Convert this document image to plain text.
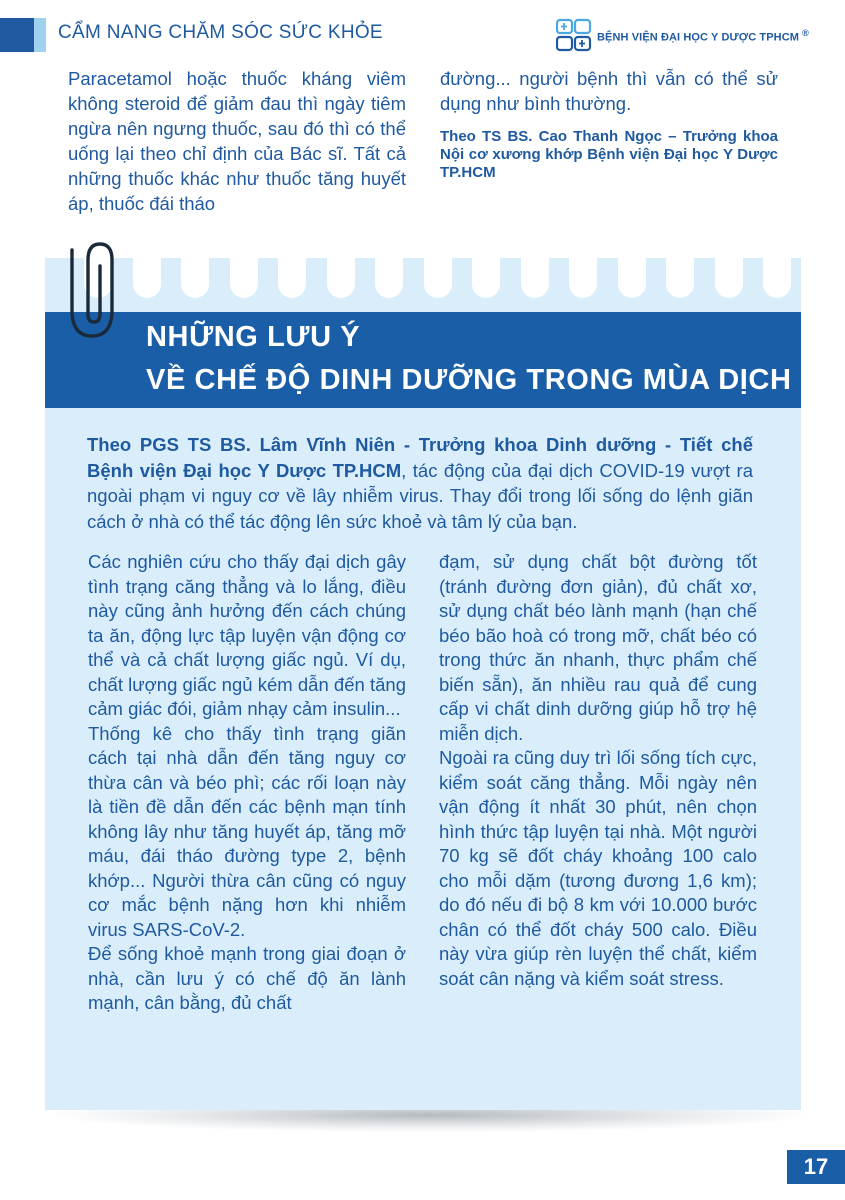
CẨM NANG CHĂM SÓC SỨC KHỎE	BỆNH VIỆN ĐẠI HỌC Y DƯỢC TPHCM ®
Paracetamol hoặc thuốc kháng viêm không steroid để giảm đau thì ngày tiêm ngừa nên ngưng thuốc, sau đó thì có thể uống lại theo chỉ định của Bác sĩ. Tất cả những thuốc khác như thuốc tăng huyết áp, thuốc đái tháo
đường... người bệnh thì vẫn có thể sử dụng như bình thường.
Theo TS BS. Cao Thanh Ngọc – Trưởng khoa Nội cơ xương khớp Bệnh viện Đại học Y Dược TP.HCM
NHỮNG LƯU Ý
VỀ CHẾ ĐỘ DINH DƯỠNG TRONG MÙA DỊCH
Theo PGS TS BS. Lâm Vĩnh Niên - Trưởng khoa Dinh dưỡng - Tiết chế Bệnh viện Đại học Y Dược TP.HCM, tác động của đại dịch COVID-19 vượt ra ngoài phạm vi nguy cơ về lây nhiễm virus. Thay đổi trong lối sống do lệnh giãn cách ở nhà có thể tác động lên sức khoẻ và tâm lý của bạn.

Các nghiên cứu cho thấy đại dịch gây tình trạng căng thẳng và lo lắng, điều này cũng ảnh hưởng đến cách chúng ta ăn, động lực tập luyện vận động cơ thể và cả chất lượng giấc ngủ. Ví dụ, chất lượng giấc ngủ kém dẫn đến tăng cảm giác đói, giảm nhạy cảm insulin...

Thống kê cho thấy tình trạng giãn cách tại nhà dẫn đến tăng nguy cơ thừa cân và béo phì; các rối loạn này là tiền đề dẫn đến các bệnh mạn tính không lây như tăng huyết áp, tăng mỡ máu, đái tháo đường type 2, bệnh khớp... Người thừa cân cũng có nguy cơ mắc bệnh nặng hơn khi nhiễm virus SARS-CoV-2.

Để sống khoẻ mạnh trong giai đoạn ở nhà, cần lưu ý có chế độ ăn lành mạnh, cân bằng, đủ chất

đạm, sử dụng chất bột đường tốt (tránh đường đơn giản), đủ chất xơ, sử dụng chất béo lành mạnh (hạn chế béo bão hoà có trong mỡ, chất béo có trong thức ăn nhanh, thực phẩm chế biến sẵn), ăn nhiều rau quả để cung cấp vi chất dinh dưỡng giúp hỗ trợ hệ miễn dịch.

Ngoài ra cũng duy trì lối sống tích cực, kiểm soát căng thẳng. Mỗi ngày nên vận động ít nhất 30 phút, nên chọn hình thức tập luyện tại nhà. Một người 70 kg sẽ đốt cháy khoảng 100 calo cho mỗi dặm (tương đương 1,6 km); do đó nếu đi bộ 8 km với 10.000 bước chân có thể đốt cháy 500 calo. Điều này vừa giúp rèn luyện thể chất, kiểm soát cân nặng và kiểm soát stress.

17
